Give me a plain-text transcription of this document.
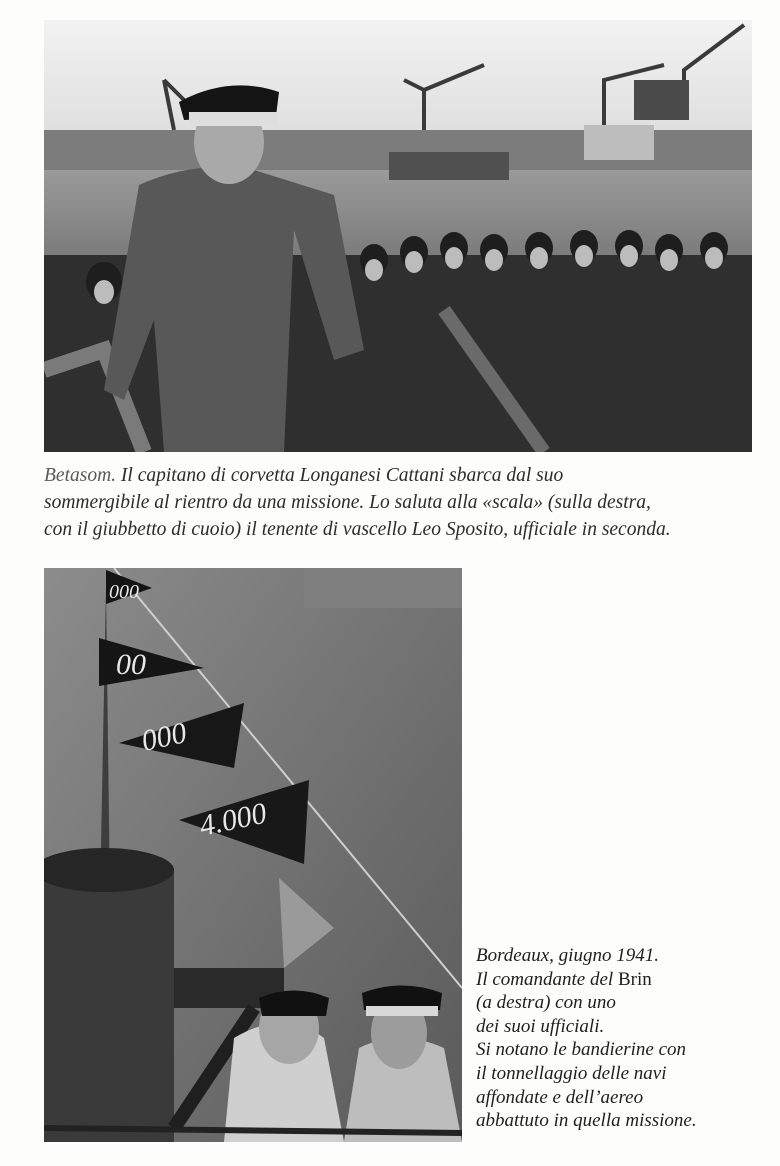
Betasom. Il capitano di corvetta Longanesi Cattani sbarca dal suo
sommergibile al rientro da una missione. Lo saluta alla «scala» (sulla destra,
con il giubbetto di cuoio) il tenente di vascello Leo Sposito, ufficiale in seconda.

000
00
000
4.000

Bordeaux, giugno 1941.
Il comandante del Brin
(a destra) con uno
dei suoi ufficiali.
Si notano le bandierine con
il tonnellaggio delle navi
affondate e dell’aereo
abbattuto in quella missione.
